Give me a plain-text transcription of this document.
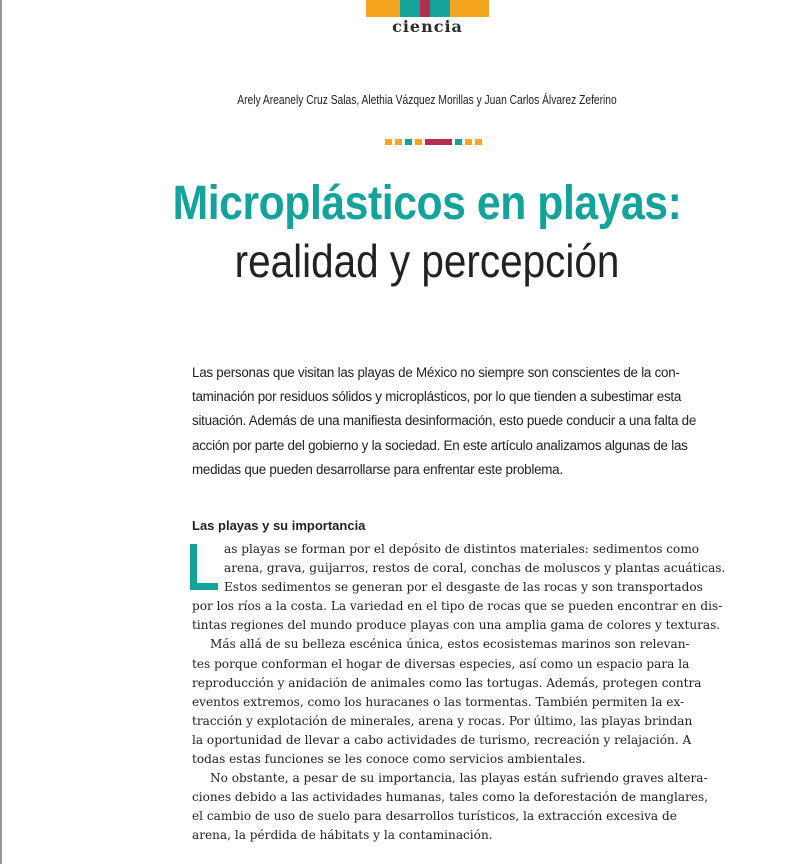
ciencia
Arely Areanely Cruz Salas, Alethia Vázquez Morillas y Juan Carlos Álvarez Zeferino
Microplásticos en playas:
realidad y percepción
Las personas que visitan las playas de México no siempre son conscientes de la con-
taminación por residuos sólidos y microplásticos, por lo que tienden a subestimar esta
situación. Además de una manifiesta desinformación, esto puede conducir a una falta de
acción por parte del gobierno y la sociedad. En este artículo analizamos algunas de las
medidas que pueden desarrollarse para enfrentar este problema.
Las playas y su importancia
as playas se forman por el depósito de distintos materiales: sedimentos como
arena, grava, guijarros, restos de coral, conchas de moluscos y plantas acuáticas.
Estos sedimentos se generan por el desgaste de las rocas y son transportados
por los ríos a la costa. La variedad en el tipo de rocas que se pueden encontrar en dis-
tintas regiones del mundo produce playas con una amplia gama de colores y texturas.
Más allá de su belleza escénica única, estos ecosistemas marinos son relevan-
tes porque conforman el hogar de diversas especies, así como un espacio para la
reproducción y anidación de animales como las tortugas. Además, protegen contra
eventos extremos, como los huracanes o las tormentas. También permiten la ex-
tracción y explotación de minerales, arena y rocas. Por último, las playas brindan
la oportunidad de llevar a cabo actividades de turismo, recreación y relajación. A
todas estas funciones se les conoce como servicios ambientales.
No obstante, a pesar de su importancia, las playas están sufriendo graves altera-
ciones debido a las actividades humanas, tales como la deforestación de manglares,
el cambio de uso de suelo para desarrollos turísticos, la extracción excesiva de
arena, la pérdida de hábitats y la contaminación.
